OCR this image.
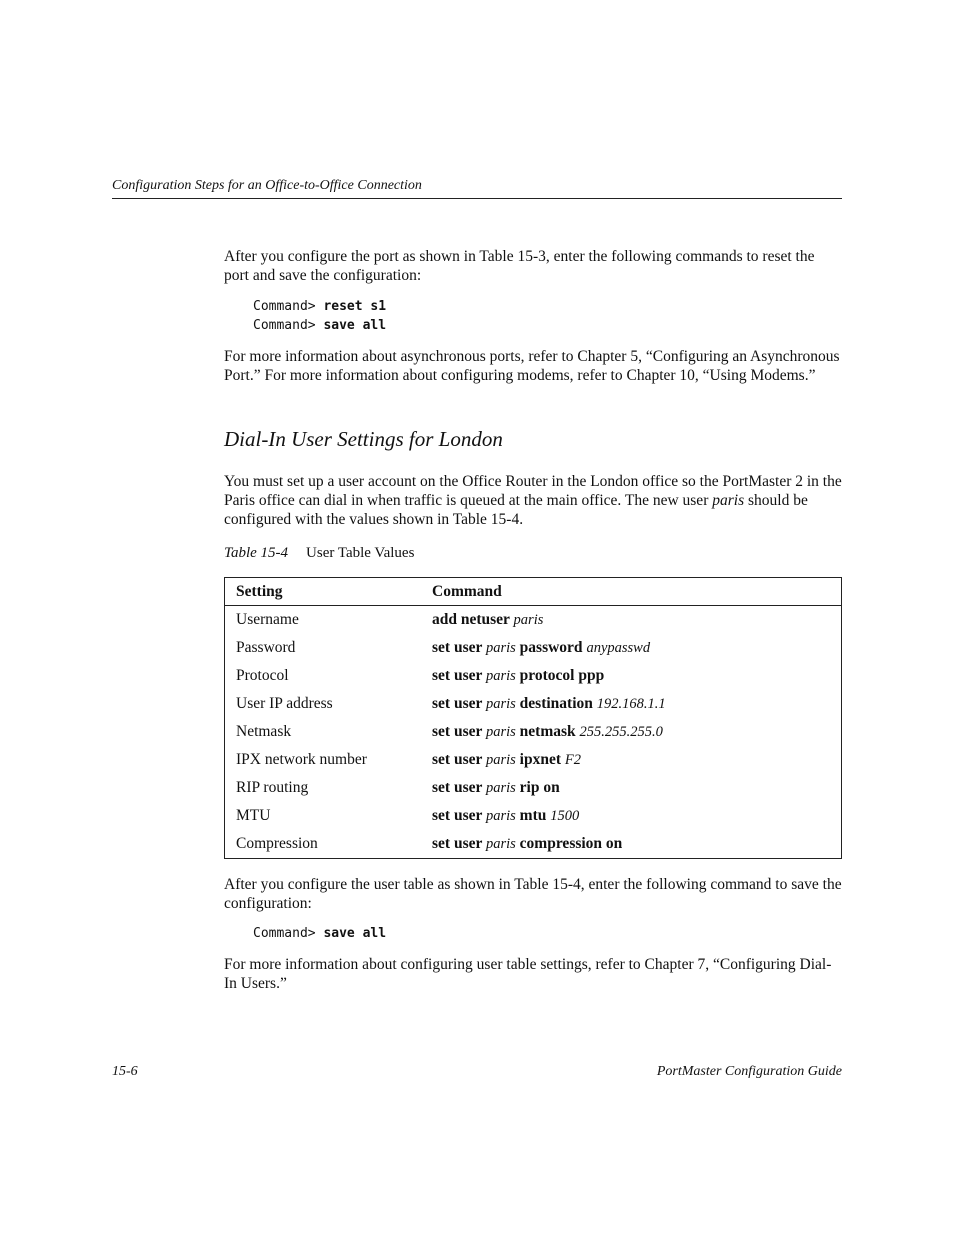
Configuration Steps for an Office-to-Office Connection

After you configure the port as shown in Table 15-3, enter the following commands to reset the port and save the configuration:

Command> reset s1
Command> save all

For more information about asynchronous ports, refer to Chapter 5, “Configuring an Asynchronous Port.” For more information about configuring modems, refer to Chapter 10, “Using Modems.”

Dial-In User Settings for London

You must set up a user account on the Office Router in the London office so the PortMaster 2 in the Paris office can dial in when traffic is queued at the main office. The new user paris should be configured with the values shown in Table 15-4.

Table 15-4 User Table Values
Setting	Command
Username	add netuser paris
Password	set user paris password anypasswd
Protocol	set user paris protocol ppp
User IP address	set user paris destination 192.168.1.1
Netmask	set user paris netmask 255.255.255.0
IPX network number	set user paris ipxnet F2
RIP routing	set user paris rip on
MTU	set user paris mtu 1500
Compression	set user paris compression on

After you configure the user table as shown in Table 15-4, enter the following command to save the configuration:

Command> save all

For more information about configuring user table settings, refer to Chapter 7, “Configuring Dial-In Users.”

15-6	PortMaster Configuration Guide
